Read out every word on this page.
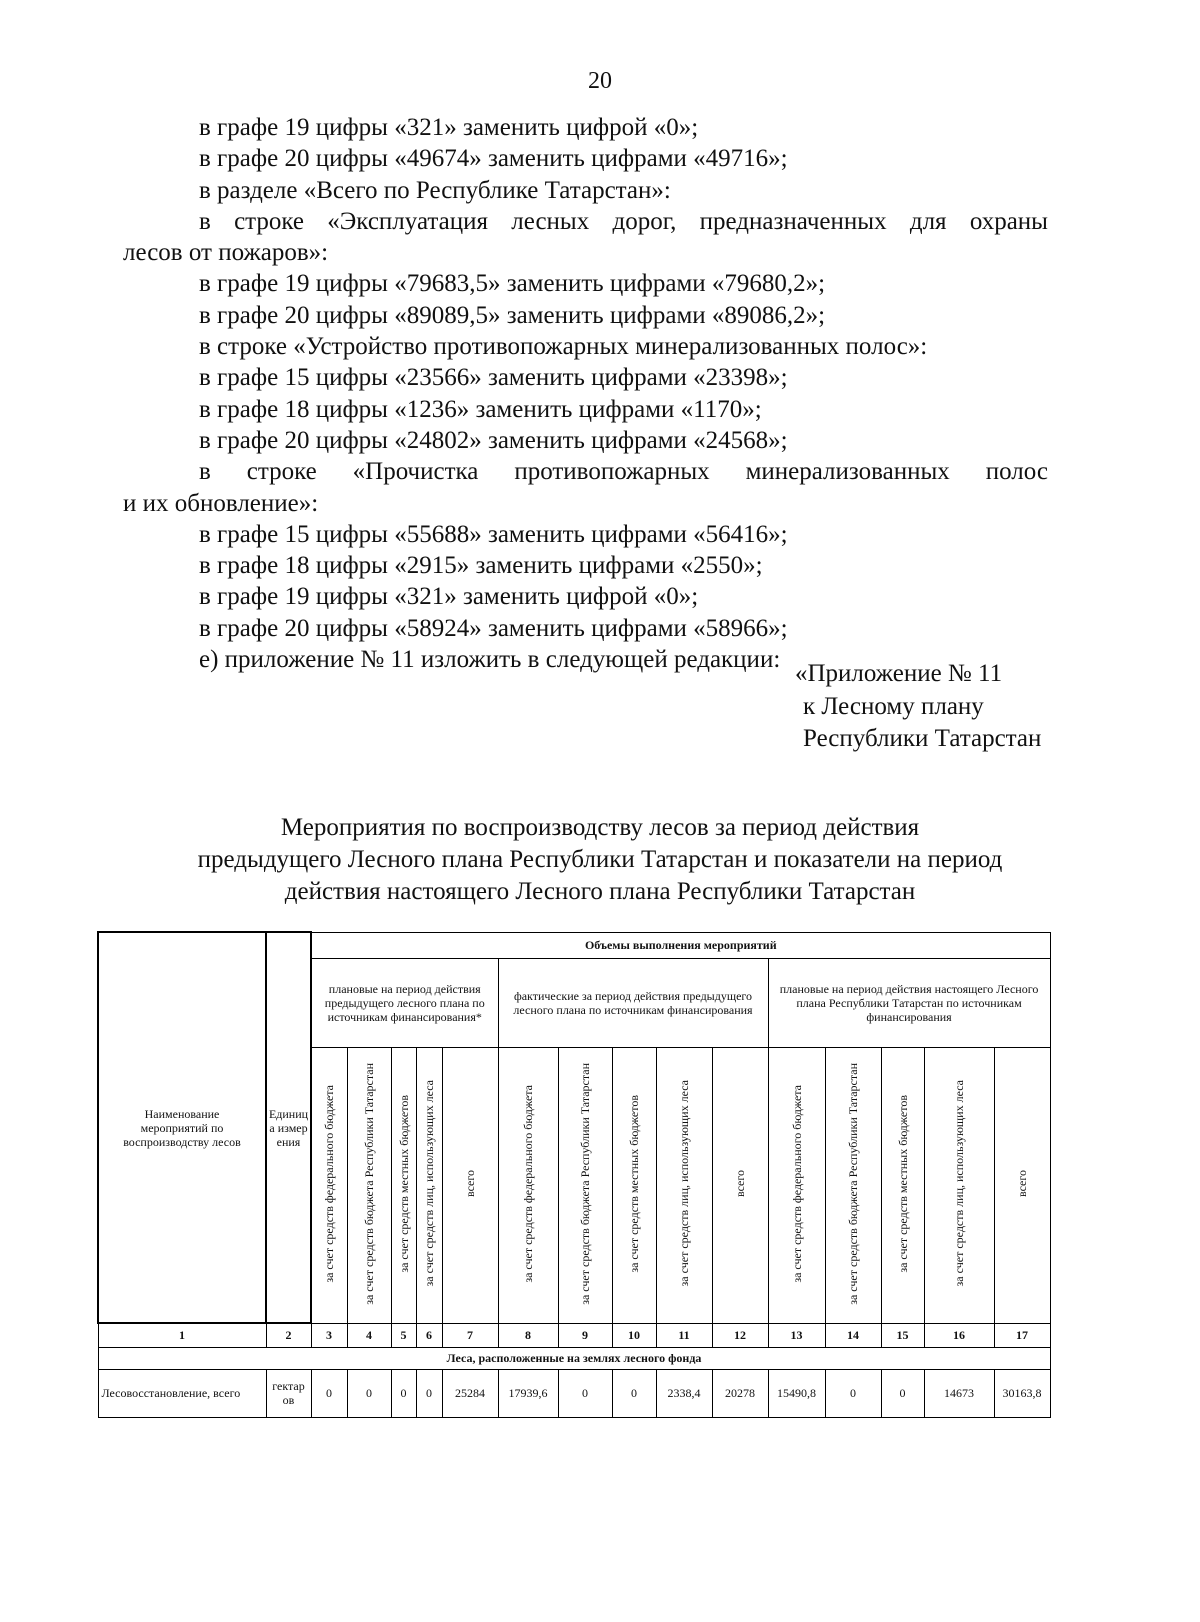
20
в графе 19 цифры «321» заменить цифрой «0»;
в графе 20 цифры «49674» заменить цифрами «49716»;
в разделе «Всего по Республике Татарстан»:
в строке «Эксплуатация лесных дорог, предназначенных для охраны
лесов от пожаров»:
в графе 19 цифры «79683,5» заменить цифрами «79680,2»;
в графе 20 цифры «89089,5» заменить цифрами «89086,2»;
в строке «Устройство противопожарных минерализованных полос»:
в графе 15 цифры «23566» заменить цифрами «23398»;
в графе 18 цифры «1236» заменить цифрами «1170»;
в графе 20 цифры «24802» заменить цифрами «24568»;
в строке «Прочистка противопожарных минерализованных полос
и их обновление»:
в графе 15 цифры «55688» заменить цифрами «56416»;
в графе 18 цифры «2915» заменить цифрами «2550»;
в графе 19 цифры «321» заменить цифрой «0»;
в графе 20 цифры «58924» заменить цифрами «58966»;
е) приложение № 11 изложить в следующей редакции:
«Приложение № 11
к Лесному плану
Республики Татарстан
Мероприятия по воспроизводству лесов за период действия
предыдущего Лесного плана Республики Татарстан и показатели на период
действия настоящего Лесного плана Республики Татарстан
Наименование мероприятий по воспроизводству лесов	Единица измерения	Объемы выполнения мероприятий														
		плановые на период действия предыдущего лесного плана по источникам финансирования*					фактические за период действия предыдущего лесного плана по источникам финансирования					плановые на период действия настоящего Лесного плана Республики Татарстан по источникам финансирования				
		за счет средств федерального бюджета	за счет средств бюджета Республики Татарстан	за счет средств местных бюджетов	за счет средств лиц, использующих леса	всего	за счет средств федерального бюджета	за счет средств бюджета Республики Татарстан	за счет средств местных бюджетов	за счет средств лиц, использующих леса	всего	за счет средств федерального бюджета	за счет средств бюджета Республики Татарстан	за счет средств местных бюджетов	за счет средств лиц, использующих леса	всего
1	2	3	4	5	6	7	8	9	10	11	12	13	14	15	16	17
Леса, расположенные на землях лесного фонда																
Лесовосстановление, всего	гектаров	0	0	0	0	25284	17939,6	0	0	2338,4	20278	15490,8	0	0	14673	30163,8
